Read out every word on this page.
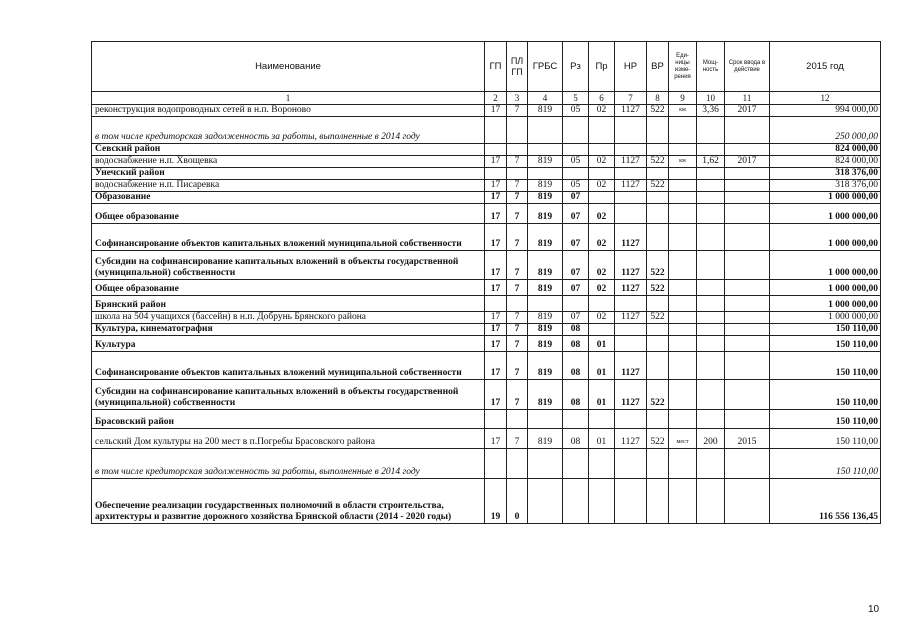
Наименование	ГП	ПЛ ГП	ГРБС	Рз	Пр	НР	ВР	Еди-ницы изме-рения	Мощ-ность	Срок ввода в действие	2015 год
1	2	3	4	5	6	7	8	9	10	11	12
реконструкция водопроводных сетей в н.п. Вороново	17	7	819	05	02	1127	522	км	3,36	2017	994 000,00
в том числе кредиторская задолженность за работы, выполненные в 2014 году											250 000,00
Севский район											824 000,00
водоснабжение н.п. Хвощевка	17	7	819	05	02	1127	522	км	1,62	2017	824 000,00
Унечский район											318 376,00
водоснабжение н.п. Писаревка	17	7	819	05	02	1127	522				318 376,00
Образование	17	7	819	07							1 000 000,00
Общее образование	17	7	819	07	02						1 000 000,00
Софинансирование объектов капитальных вложений муниципальной собственности	17	7	819	07	02	1127					1 000 000,00
Субсидии на софинансирование капитальных вложений в объекты государственной (муниципальной) собственности	17	7	819	07	02	1127	522				1 000 000,00
Общее образование	17	7	819	07	02	1127	522				1 000 000,00
Брянский район											1 000 000,00
школа на 504 учащихся (бассейн) в н.п. Добрунь Брянского района	17	7	819	07	02	1127	522				1 000 000,00
Культура, кинематография	17	7	819	08							150 110,00
Культура	17	7	819	08	01						150 110,00
Софинансирование объектов капитальных вложений муниципальной собственности	17	7	819	08	01	1127					150 110,00
Субсидии на софинансирование капитальных вложений в объекты государственной (муниципальной) собственности	17	7	819	08	01	1127	522				150 110,00
Брасовский район											150 110,00
сельский Дом культуры на 200 мест в п.Погребы Брасовского района	17	7	819	08	01	1127	522	мест	200	2015	150 110,00
в том числе кредиторская задолженность за работы, выполненные в 2014 году											150 110,00
Обеспечение реализации государственных полномочий в области строительства, архитектуры и развитие дорожного хозяйства Брянской области (2014 - 2020 годы)	19	0									116 556 136,45
10
